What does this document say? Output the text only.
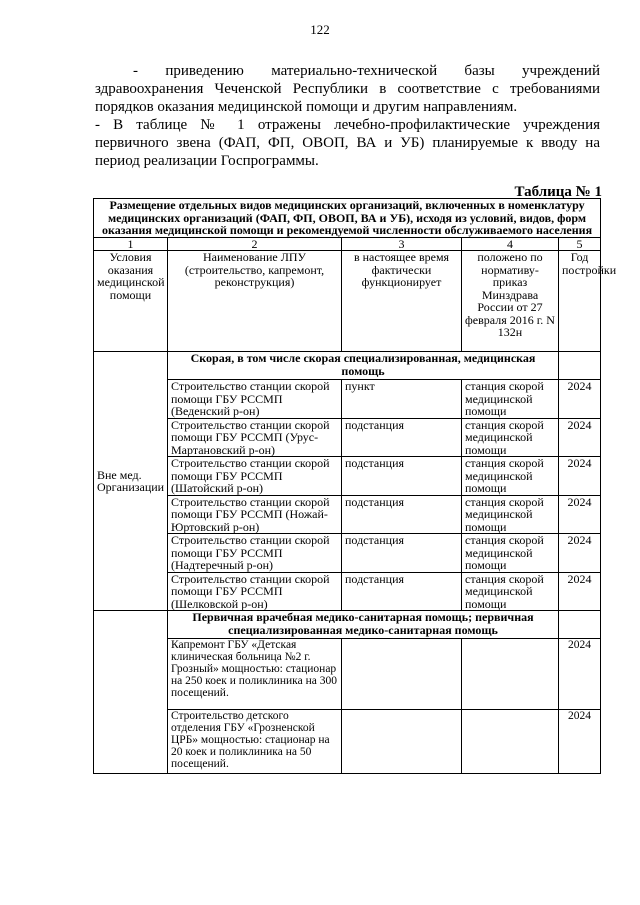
122
- приведению материально-технической базы учреждений здравоохранения Чеченской Республики в соответствие с требованиями порядков оказания медицинской помощи и другим направлениям.
- В таблице № 1 отражены лечебно-профилактические учреждения первичного звена (ФАП, ФП, ОВОП, ВА и УБ) планируемые к вводу на период реализации Госпрограммы.
Таблица № 1
Размещение отдельных видов медицинских организаций, включенных в номенклатуру медицинских организаций (ФАП, ФП, ОВОП, ВА и УБ), исходя из условий, видов, форм оказания медицинской помощи и рекомендуемой численности обслуживаемого населения				
1	2	3	4	5
Условия оказания медицинской помощи	Наименование ЛПУ (строительство, капремонт, реконструкция)	в настоящее время фактически функционирует	положено по нормативу-приказ Минздрава России от 27 февраля 2016 г. N 132н	Год постройки
Вне мед. Организации	Скорая, в том числе скорая специализированная, медицинская помощь			
	Строительство станции скорой помощи ГБУ РССМП (Веденский р-он)	пункт	станция скорой медицинской помощи	2024
	Строительство станции скорой помощи ГБУ РССМП (Урус-Мартановский р-он)	подстанция	станция скорой медицинской помощи	2024
	Строительство станции скорой помощи ГБУ РССМП (Шатойский р-он)	подстанция	станция скорой медицинской помощи	2024
	Строительство станции скорой помощи ГБУ РССМП (Ножай-Юртовский р-он)	подстанция	станция скорой медицинской помощи	2024
	Строительство станции скорой помощи ГБУ РССМП (Надтеречный р-он)	подстанция	станция скорой медицинской помощи	2024
	Строительство станции скорой помощи ГБУ РССМП (Шелковской р-он)	подстанция	станция скорой медицинской помощи	2024
	Первичная врачебная медико-санитарная помощь; первичная специализированная медико-санитарная помощь			
	Капремонт ГБУ «Детская клиническая больница №2 г. Грозный» мощностью: стационар на 250 коек и поликлиника на 300 посещений.			2024
	Строительство детского отделения ГБУ «Грозненской ЦРБ» мощностью: стационар на 20 коек и поликлиника на 50 посещений.			2024
